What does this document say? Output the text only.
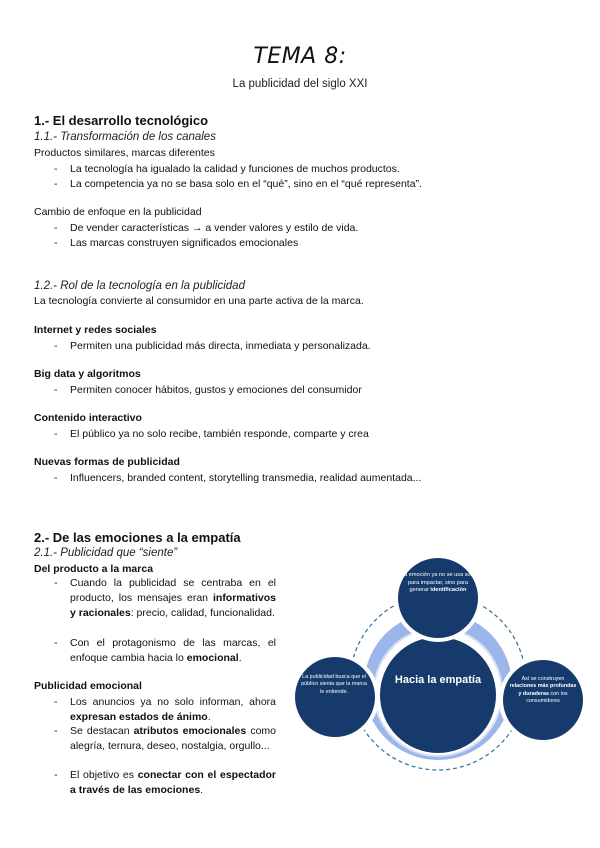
TEMA 8:
La publicidad del siglo XXI
1.- El desarrollo tecnológico
1.1.- Transformación de los canales
Productos similares, marcas diferentes
- La tecnología ha igualado la calidad y funciones de muchos productos.
- La competencia ya no se basa solo en el “qué”, sino en el “qué representa”.
Cambio de enfoque en la publicidad
- De vender características → a vender valores y estilo de vida.
- Las marcas construyen significados emocionales
1.2.- Rol de la tecnología en la publicidad
La tecnología convierte al consumidor en una parte activa de la marca.
Internet y redes sociales
- Permiten una publicidad más directa, inmediata y personalizada.
Big data y algoritmos
- Permiten conocer hábitos, gustos y emociones del consumidor
Contenido interactivo
- El público ya no solo recibe, también responde, comparte y crea
Nuevas formas de publicidad
- Influencers, branded content, storytelling transmedia, realidad aumentada...
2.- De las emociones a la empatía
2.1.- Publicidad que “siente”
Del producto a la marca
- Cuando la publicidad se centraba en el producto, los mensajes eran informativos y racionales: precio, calidad, funcionalidad.
- Con el protagonismo de las marcas, el enfoque cambia hacia lo emocional.
Publicidad emocional
- Los anuncios ya no solo informan, ahora expresan estados de ánimo.
- Se destacan atributos emocionales como alegría, ternura, deseo, nostalgia, orgullo...
- El objetivo es conectar con el espectador a través de las emociones.
Hacia la empatía
La emoción ya no se usa solo para impactar, sino para generar identificación
La publicidad busca que el público sienta que la marca le entiende.
Así se construyen relaciones más profundas y duraderas con los consumidores
